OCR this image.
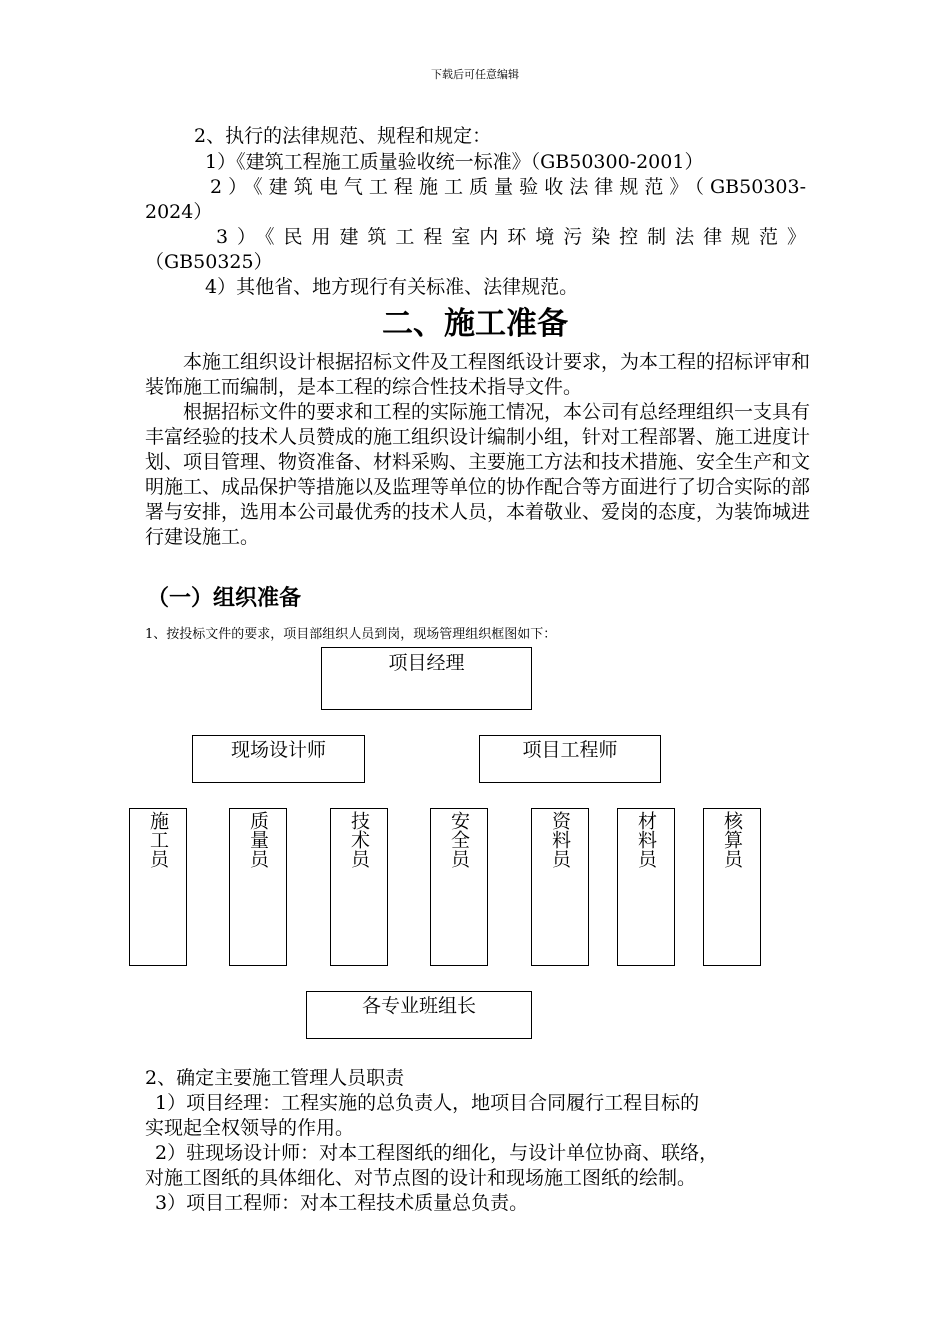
下载后可任意编辑
2、执行的法律规范、规程和规定：
1）《建筑工程施工质量验收统一标准》（GB50300-2001）
2）《建筑电气工程施工质量验收法律规范》（GB50303-
2024）
3）《民用建筑工程室内环境污染控制法律规范》
（GB50325）
4）其他省、地方现行有关标准、法律规范。
二、施工准备
本施工组织设计根据招标文件及工程图纸设计要求，为本工程的招标评审和装饰施工而编制，是本工程的综合性技术指导文件。
根据招标文件的要求和工程的实际施工情况，本公司有总经理组织一支具有丰富经验的技术人员赞成的施工组织设计编制小组，针对工程部署、施工进度计划、项目管理、物资准备、材料采购、主要施工方法和技术措施、安全生产和文明施工、成品保护等措施以及监理等单位的协作配合等方面进行了切合实际的部署与安排，选用本公司最优秀的技术人员，本着敬业、爱岗的态度，为装饰城进行建设施工。
（一）组织准备
1、按投标文件的要求，项目部组织人员到岗，现场管理组织框图如下：
项目经理
现场设计师	项目工程师
施工员	质量员	技术员	安全员	资料员	材料员	核算员
各专业班组长
2、确定主要施工管理人员职责
1）项目经理：工程实施的总负责人，地项目合同履行工程目标的
实现起全权领导的作用。
2）驻现场设计师：对本工程图纸的细化，与设计单位协商、联络，
对施工图纸的具体细化、对节点图的设计和现场施工图纸的绘制。
3）项目工程师：对本工程技术质量总负责。
